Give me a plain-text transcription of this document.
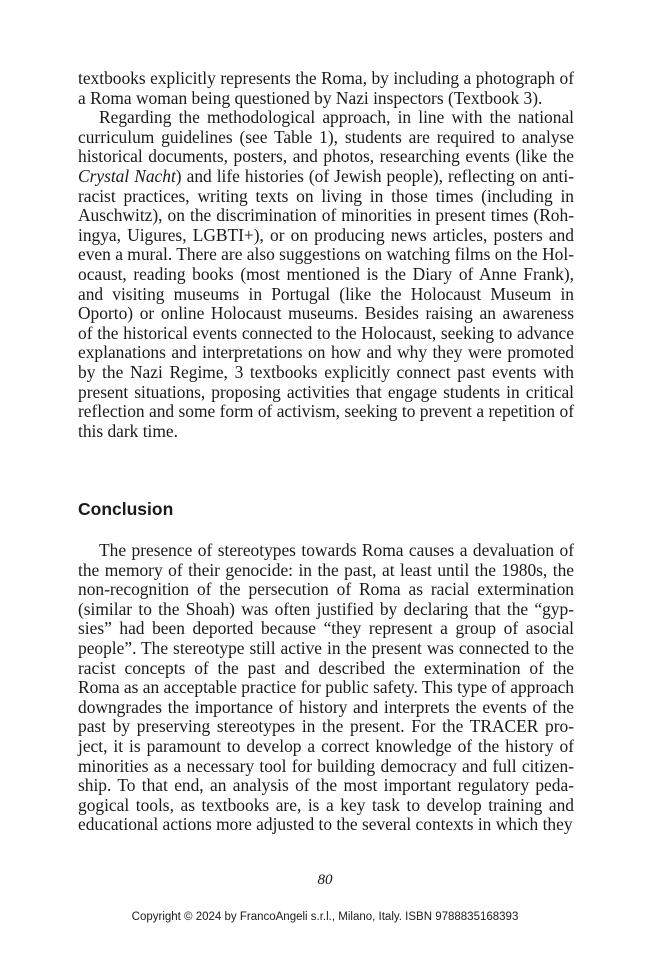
textbooks explicitly represents the Roma, by including a photograph of a Roma woman being questioned by Nazi inspectors (Textbook 3).

Regarding the methodological approach, in line with the national curriculum guidelines (see Table 1), students are required to analyse historical documents, posters, and photos, researching events (like the Crystal Nacht) and life histories (of Jewish people), reflecting on antiracist practices, writing texts on living in those times (including in Auschwitz), on the discrimination of minorities in present times (Rohingya, Uigures, LGBTI+), or on producing news articles, posters and even a mural. There are also suggestions on watching films on the Holocaust, reading books (most mentioned is the Diary of Anne Frank), and visiting museums in Portugal (like the Holocaust Museum in Oporto) or online Holocaust museums. Besides raising an awareness of the historical events connected to the Holocaust, seeking to advance explanations and interpretations on how and why they were promoted by the Nazi Regime, 3 textbooks explicitly connect past events with present situations, proposing activities that engage students in critical reflection and some form of activism, seeking to prevent a repetition of this dark time.

Conclusion

The presence of stereotypes towards Roma causes a devaluation of the memory of their genocide: in the past, at least until the 1980s, the non-recognition of the persecution of Roma as racial extermination (similar to the Shoah) was often justified by declaring that the “gypsies” had been deported because “they represent a group of asocial people”. The stereotype still active in the present was connected to the racist concepts of the past and described the extermination of the Roma as an acceptable practice for public safety. This type of approach downgrades the importance of history and interprets the events of the past by preserving stereotypes in the present. For the TRACER project, it is paramount to develop a correct knowledge of the history of minorities as a necessary tool for building democracy and full citizenship. To that end, an analysis of the most important regulatory pedagogical tools, as textbooks are, is a key task to develop training and educational actions more adjusted to the several contexts in which they

80
Copyright © 2024 by FrancoAngeli s.r.l., Milano, Italy. ISBN 9788835168393
